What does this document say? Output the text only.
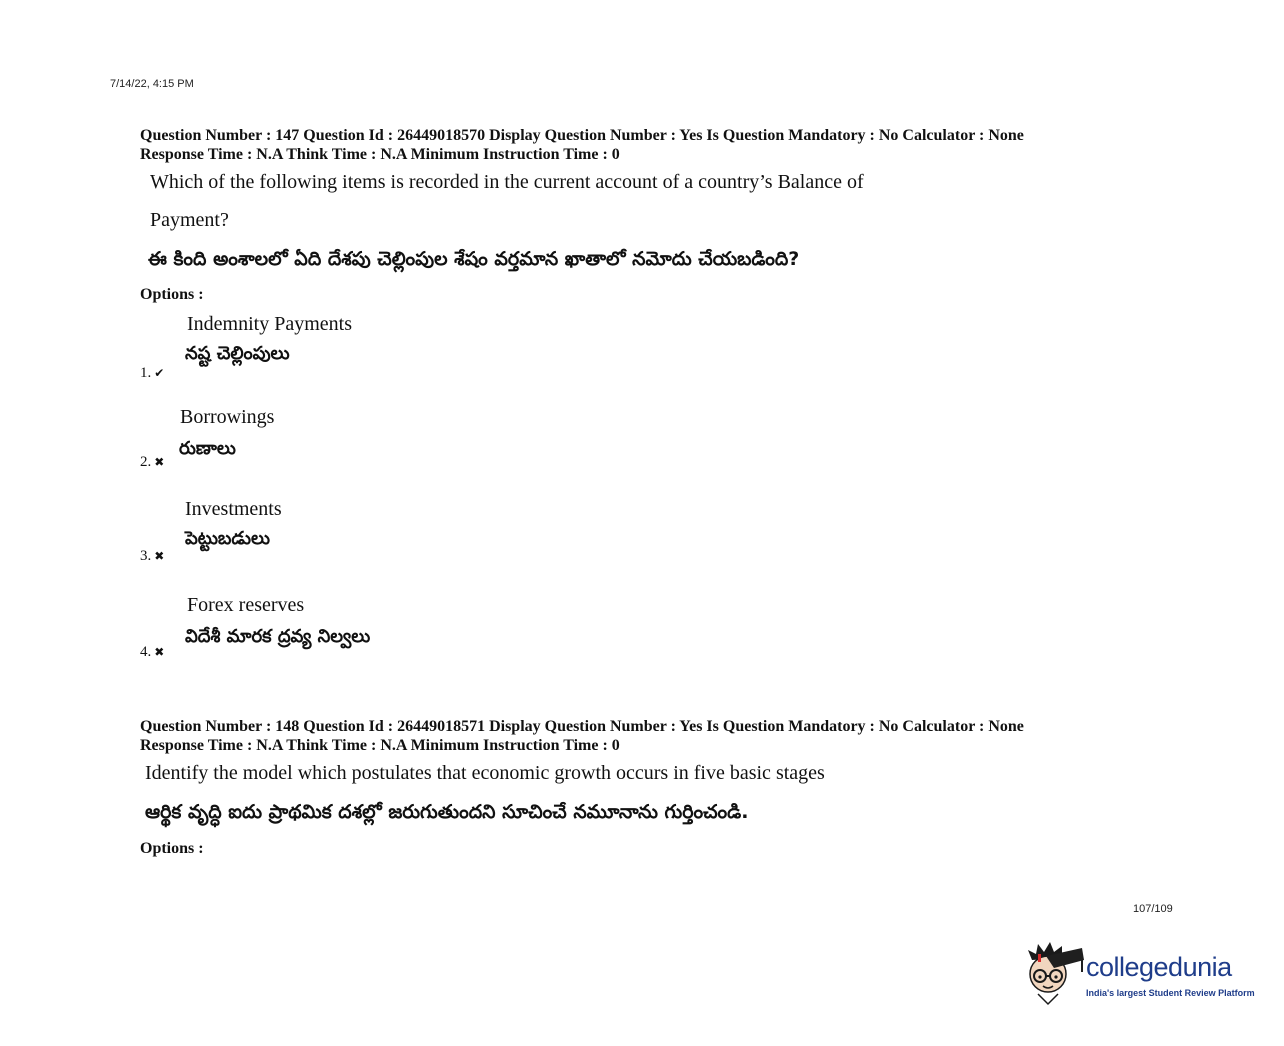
7/14/22, 4:15 PM
Question Number : 147 Question Id : 26449018570 Display Question Number : Yes Is Question Mandatory : No Calculator : None
Response Time : N.A Think Time : N.A Minimum Instruction Time : 0
Which of the following items is recorded in the current account of a country’s Balance of
Payment?
ఈ కింది అంశాలలో ఏది దేశపు చెల్లింపుల శేషం వర్తమాన ఖాతాలో నమోదు చేయబడింది?
Options :
Indemnity Payments
నష్ట చెల్లింపులు
1. ✔
Borrowings
రుణాలు
2. ✖
Investments
పెట్టుబడులు
3. ✖
Forex reserves
విదేశీ మారక ద్రవ్య నిల్వలు
4. ✖
Question Number : 148 Question Id : 26449018571 Display Question Number : Yes Is Question Mandatory : No Calculator : None
Response Time : N.A Think Time : N.A Minimum Instruction Time : 0
Identify the model which postulates that economic growth occurs in five basic stages
ఆర్థిక వృద్ధి ఐదు ప్రాథమిక దశల్లో జరుగుతుందని సూచించే నమూనాను గుర్తించండి.
Options :
107/109
collegedunia
India's largest Student Review Platform
